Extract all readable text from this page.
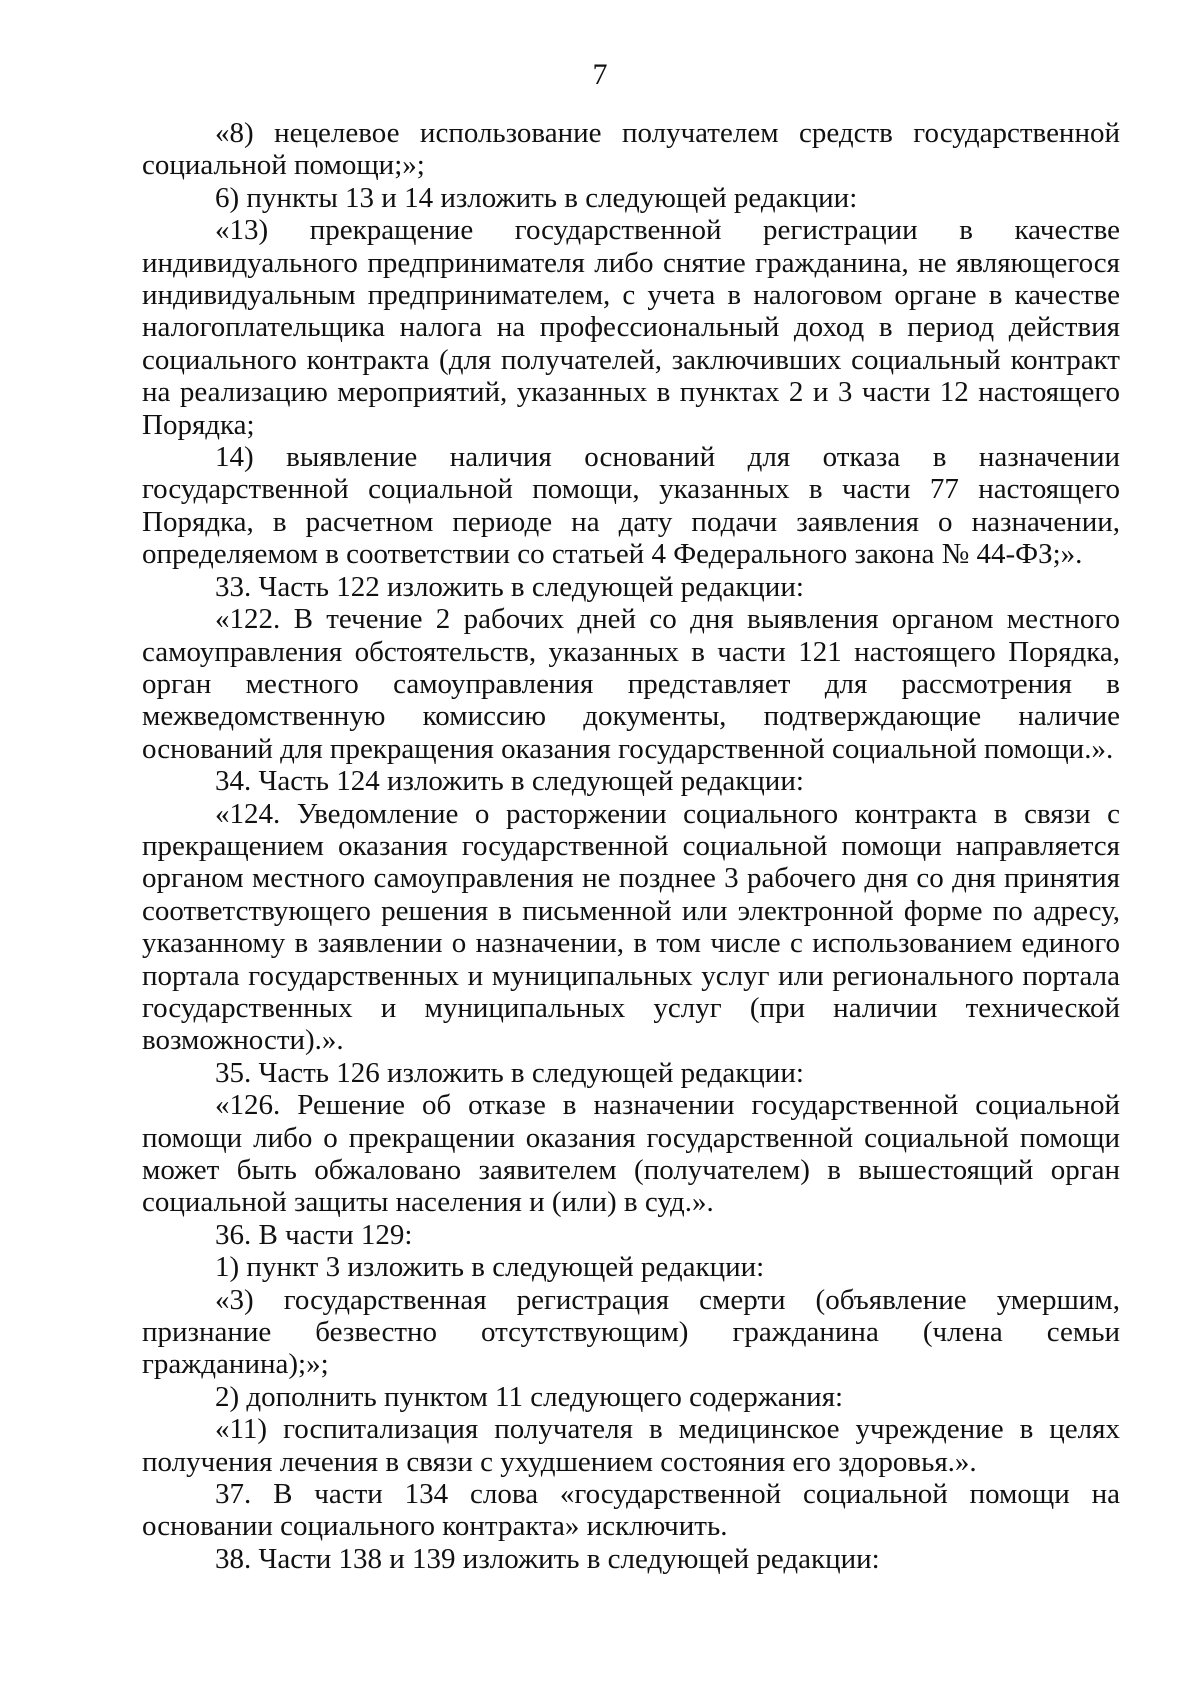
7

«8) нецелевое использование получателем средств государственной социальной помощи;»;

6) пункты 13 и 14 изложить в следующей редакции:

«13) прекращение государственной регистрации в качестве индивидуального предпринимателя либо снятие гражданина, не являющегося индивидуальным предпринимателем, с учета в налоговом органе в качестве налогоплательщика налога на профессиональный доход в период действия социального контракта (для получателей, заключивших социальный контракт на реализацию мероприятий, указанных в пунктах 2 и 3 части 12 настоящего Порядка;

14) выявление наличия оснований для отказа в назначении государственной социальной помощи, указанных в части 77 настоящего Порядка, в расчетном периоде на дату подачи заявления о назначении, определяемом в соответствии со статьей 4 Федерального закона № 44-ФЗ;».

33. Часть 122 изложить в следующей редакции:

«122. В течение 2 рабочих дней со дня выявления органом местного самоуправления обстоятельств, указанных в части 121 настоящего Порядка, орган местного самоуправления представляет для рассмотрения в межведомственную комиссию документы, подтверждающие наличие оснований для прекращения оказания государственной социальной помощи.».

34. Часть 124 изложить в следующей редакции:

«124. Уведомление о расторжении социального контракта в связи с прекращением оказания государственной социальной помощи направляется органом местного самоуправления не позднее 3 рабочего дня со дня принятия соответствующего решения в письменной или электронной форме по адресу, указанному в заявлении о назначении, в том числе с использованием единого портала государственных и муниципальных услуг или регионального портала государственных и муниципальных услуг (при наличии технической возможности).».

35. Часть 126 изложить в следующей редакции:

«126. Решение об отказе в назначении государственной социальной помощи либо о прекращении оказания государственной социальной помощи может быть обжаловано заявителем (получателем) в вышестоящий орган социальной защиты населения и (или) в суд.».

36. В части 129:

1) пункт 3 изложить в следующей редакции:

«3) государственная регистрация смерти (объявление умершим, признание безвестно отсутствующим) гражданина (члена семьи гражданина);»;

2) дополнить пунктом 11 следующего содержания:

«11) госпитализация получателя в медицинское учреждение в целях получения лечения в связи с ухудшением состояния его здоровья.».

37. В части 134 слова «государственной социальной помощи на основании социального контракта» исключить.

38. Части 138 и 139 изложить в следующей редакции:
